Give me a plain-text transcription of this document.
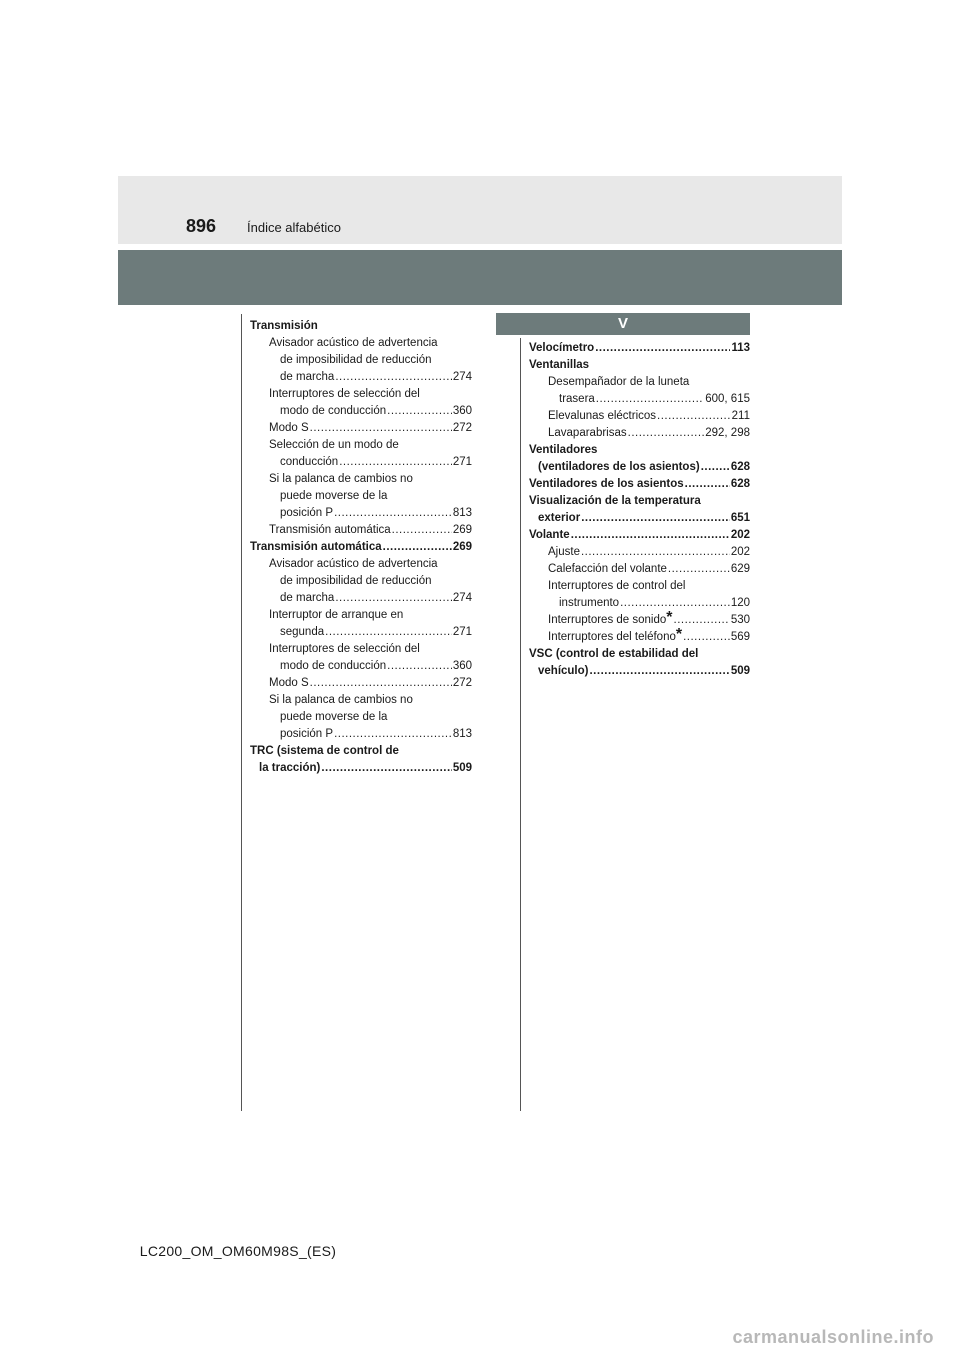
896 Índice alfabético
Transmisión
Avisador acústico de advertencia
de imposibilidad de reducción
de marcha .....	274
Interruptores de selección del
modo de conducción .....	360
Modo S .....	272
Selección de un modo de
conducción .....	271
Si la palanca de cambios no
puede moverse de la
posición P .....	813
Transmisión automática .....	269
Transmisión automática .....	269
Avisador acústico de advertencia
de imposibilidad de reducción
de marcha .....	274
Interruptor de arranque en
segunda .....	271
Interruptores de selección del
modo de conducción .....	360
Modo S .....	272
Si la palanca de cambios no
puede moverse de la
posición P .....	813
TRC (sistema de control de
la tracción) .....	509
V
Velocímetro .....	113
Ventanillas
Desempañador de la luneta
trasera .....	600, 615
Elevalunas eléctricos .....	211
Lavaparabrisas .....	292, 298
Ventiladores
(ventiladores de los asientos) .....	628
Ventiladores de los asientos .....	628
Visualización de la temperatura
exterior .....	651
Volante .....	202
Ajuste .....	202
Calefacción del volante .....	629
Interruptores de control del
instrumento .....	120
Interruptores de sonido * .....	530
Interruptores del teléfono * .....	569
VSC (control de estabilidad del
vehículo) .....	509
LC200_OM_OM60M98S_(ES)
carmanualsonline.info
